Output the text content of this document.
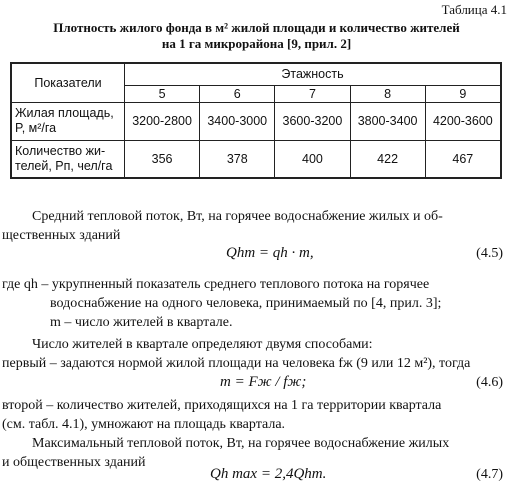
Таблица 4.1
Плотность жилого фонда в м² жилой площади и количество жителей
на 1 га микрорайона [9, прил. 2]
Показатели	Этажность				
	5	6	7	8	9

Жилая площадь,
P, м²/га	3200-2800	3400-3000	3600-3200	3800-3400	4200-3600

Количество жи-
телей, Pп, чел/га	356	378	400	422	467
Средний тепловой поток, Вт, на горячее водоснабжение жилых и об-
щественных зданий
Qhm = qh · m,	(4.5)
где qh – укрупненный показатель среднего теплового потока на горячее
водоснабжение на одного человека, принимаемый по [4, прил. 3];
m – число жителей в квартале.
Число жителей в квартале определяют двумя способами:
первый – задаются нормой жилой площади на человека fж (9 или 12 м²), тогда
m = Fж / fж;	(4.6)
второй – количество жителей, приходящихся на 1 га территории квартала
(см. табл. 4.1), умножают на площадь квартала.
Максимальный тепловой поток, Вт, на горячее водоснабжение жилых
и общественных зданий
Qh max = 2,4Qhm.	(4.7)
